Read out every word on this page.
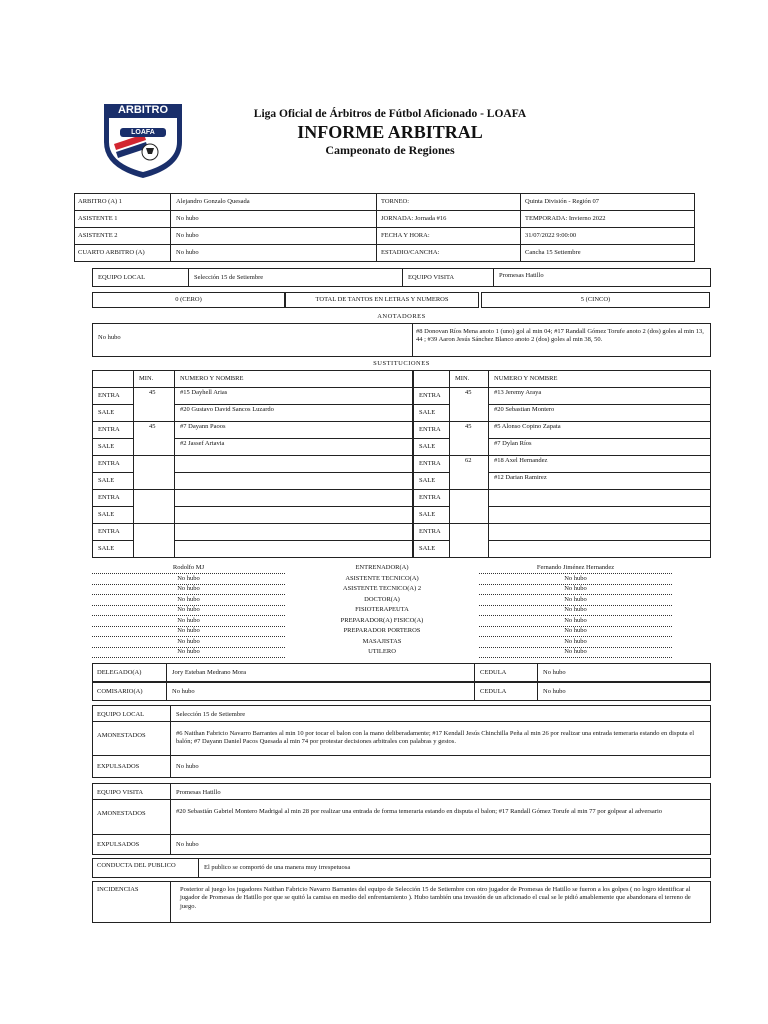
ARBITRO
LOAFA
Liga Oficial de Árbitros de Fútbol Aficionado - LOAFA
INFORME ARBITRAL
Campeonato de Regiones
ARBITRO (A) 1	Alejandro Gonzalo Quesada	TORNEO:	Quinta División - Región 07
ASISTENTE 1	No hubo	JORNADA: Jornada #16	TEMPORADA: Invierno 2022
ASISTENTE 2	No hubo	FECHA Y HORA:	31/07/2022 9:00:00
CUARTO ARBITRO (A)	No hubo	ESTADIO/CANCHA:	Cancha 15 Setiembre
EQUIPO LOCAL	Selección 15 de Setiembre	EQUIPO VISITA	Promesas Hatillo
0 (CERO)	TOTAL DE TANTOS EN LETRAS Y NUMEROS	5 (CINCO)
ANOTADORES
No hubo
#8 Donovan Ríos Mena anoto 1 (uno) gol al min 04; #17 Randall Gómez Torufe anoto 2 (dos) goles al min 13, 44 ; #39 Aaron Jesús Sánchez Blanco anoto 2 (dos) goles al min 38, 50.
SUSTITUCIONES
MIN.	NUMERO Y NOMBRE
ENTRA	45	#15 Dayhell Arias
SALE	#20 Gustavo David Sancos Luzardo
ENTRA	45	#7 Dayann Paoos
SALE	#2 Jassef Artavia
ENTRA
SALE
ENTRA
SALE
ENTRA
SALE
MIN.	NUMERO Y NOMBRE
ENTRA	45	#13 Jeremy Araya
SALE	#20 Sebastian Montero
ENTRA	45	#5 Alonso Copino Zapata
SALE	#7 Dylan Ríos
ENTRA	62	#18 Axel Hernandez
SALE	#12 Darian Ramirez
ENTRA
SALE
ENTRA
SALE
Rodolfo MJ	ENTRENADOR(A)	Fernando Jiménez Hernandez
No hubo	ASISTENTE TECNICO(A)	No hubo
No hubo	ASISTENTE TECNICO(A) 2	No hubo
No hubo	DOCTOR(A)	No hubo
No hubo	FISIOTERAPEUTA	No hubo
No hubo	PREPARADOR(A) FISICO(A)	No hubo
No hubo	PREPARADOR PORTEROS	No hubo
No hubo	MASAJISTAS	No hubo
No hubo	UTILERO	No hubo
DELEGADO(A)	Jory Esteban Medrano Mora	CEDULA	No hubo
COMISARIO(A)	No hubo	CEDULA	No hubo
EQUIPO LOCAL	Selección 15 de Setiembre
AMONESTADOS	#6 Naithan Fabricio Navarro Barrantes al min 10 por tocar el balon con la mano deliberadamente; #17 Kendall Jesús Chinchilla Peña al min 26 por realizar una entrada temeraria estando en disputa el balón; #7 Dayann Daniel Pacos Quesada al min 74 por protestar decisiones arbitrales con palabras y gestos.
EXPULSADOS	No hubo
EQUIPO VISITA	Promesas Hatillo
AMONESTADOS	#20 Sebastián Gabriel Montero Madrigal al min 28 por realizar una entrada de forma temeraria estando en disputa el balon; #17 Randall Gómez Torufe al min 77 por golpear al adversario
EXPULSADOS	No hubo
CONDUCTA DEL PUBLICO	El publico se comportó de una manera muy irrespetuosa
INCIDENCIAS	Posterior al juego los jugadores Naithan Fabricio Navarro Barrantes del equipo de Selección 15 de Setiembre con otro jugador de Promesas de Hatillo se fueron a los golpes ( no logro identificar al jugador de Promesas de Hatillo por que se quitó la camisa en medio del enfrentamiento ). Hubo también una invasión de un aficionado el cual se le pidió amablemente que abandonara el terreno de juego.
